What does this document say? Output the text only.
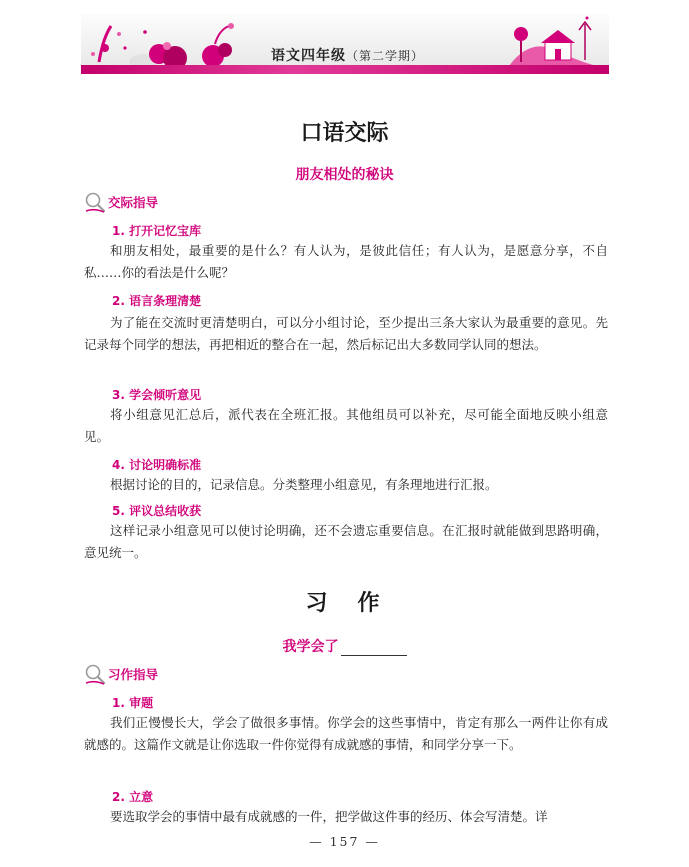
语文四年级（第二学期）
口语交际
朋友相处的秘诀
交际指导
1. 打开记忆宝库
和朋友相处，最重要的是什么？有人认为，是彼此信任；有人认为，是愿意分享，不自私……你的看法是什么呢？
2. 语言条理清楚
为了能在交流时更清楚明白，可以分小组讨论，至少提出三条大家认为最重要的意见。先记录每个同学的想法，再把相近的整合在一起，然后标记出大多数同学认同的想法。
3. 学会倾听意见
将小组意见汇总后，派代表在全班汇报。其他组员可以补充，尽可能全面地反映小组意见。
4. 讨论明确标准
根据讨论的目的，记录信息。分类整理小组意见，有条理地进行汇报。
5. 评议总结收获
这样记录小组意见可以使讨论明确，还不会遗忘重要信息。在汇报时就能做到思路明确，意见统一。
习　作
我学会了
习作指导
1. 审题
我们正慢慢长大，学会了做很多事情。你学会的这些事情中，肯定有那么一两件让你有成就感的。这篇作文就是让你选取一件你觉得有成就感的事情，和同学分享一下。
2. 立意
要选取学会的事情中最有成就感的一件，把学做这件事的经历、体会写清楚。详
— 157 —
